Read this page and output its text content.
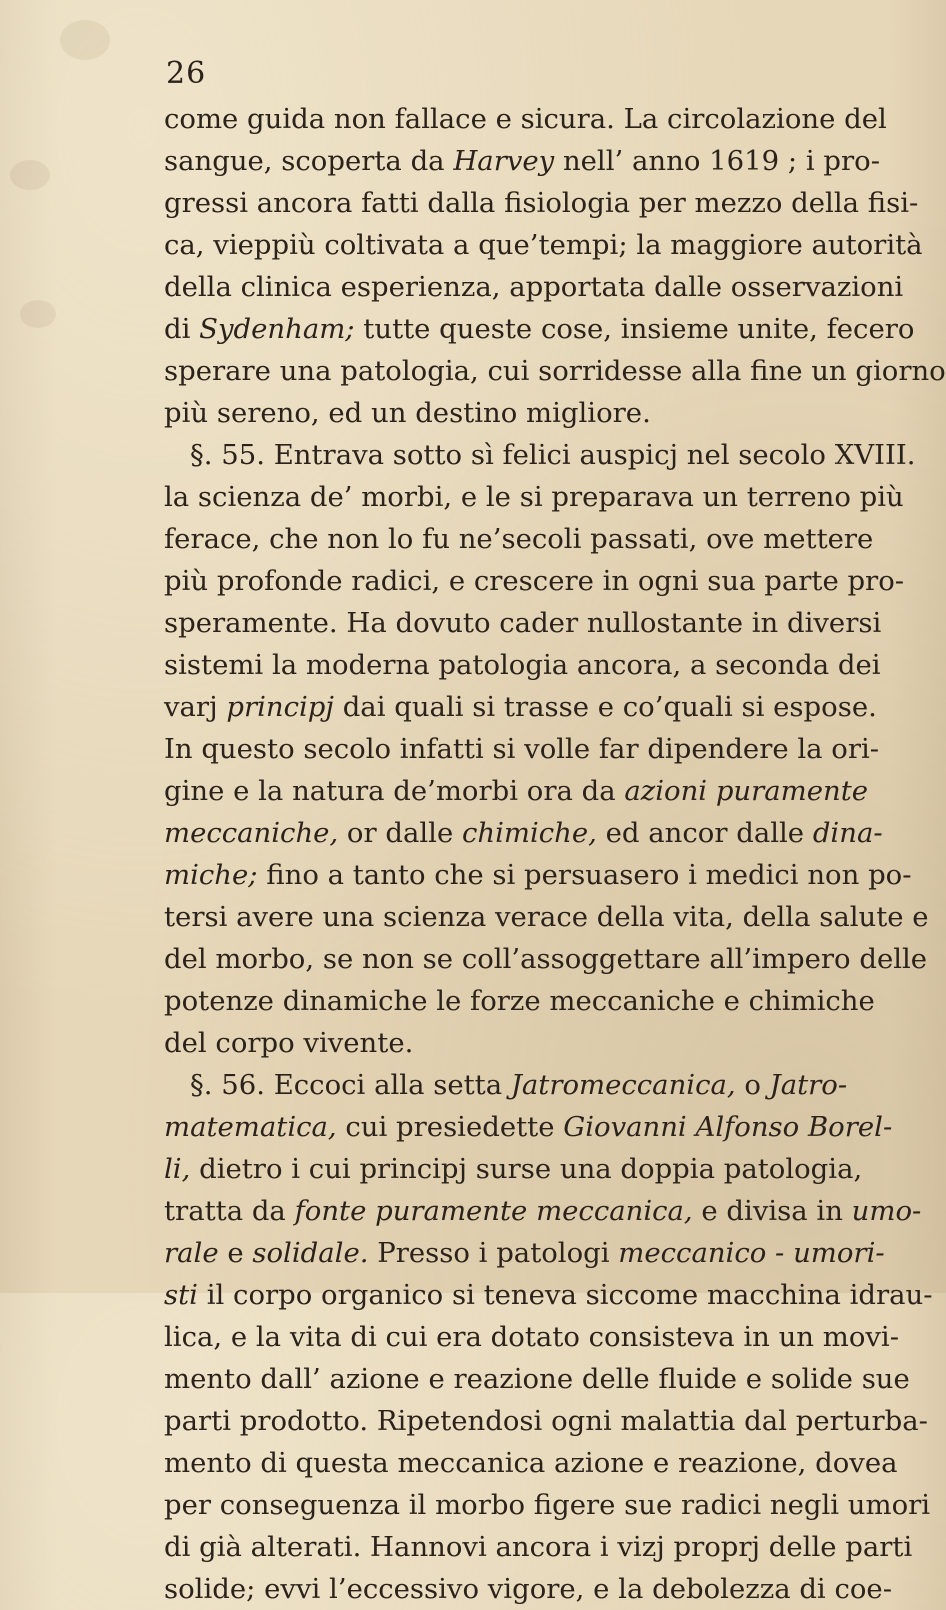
26
come guida non fallace e sicura. La circolazione del
sangue, scoperta da Harvey nell’ anno 1619 ; i pro-
gressi ancora fatti dalla fisiologia per mezzo della fisi-
ca, vieppiù coltivata a que’tempi; la maggiore autorità
della clinica esperienza, apportata dalle osservazioni
di Sydenham; tutte queste cose, insieme unite, fecero
sperare una patologia, cui sorridesse alla fine un giorno
più sereno, ed un destino migliore.
§. 55. Entrava sotto sì felici auspicj nel secolo XVIII.
la scienza de’ morbi, e le si preparava un terreno più
ferace, che non lo fu ne’secoli passati, ove mettere
più profonde radici, e crescere in ogni sua parte pro-
speramente. Ha dovuto cader nullostante in diversi
sistemi la moderna patologia ancora, a seconda dei
varj principj dai quali si trasse e co’quali si espose.
In questo secolo infatti si volle far dipendere la ori-
gine e la natura de’morbi ora da azioni puramente
meccaniche, or dalle chimiche, ed ancor dalle dina-
miche; fino a tanto che si persuasero i medici non po-
tersi avere una scienza verace della vita, della salute e
del morbo, se non se coll’assoggettare all’impero delle
potenze dinamiche le forze meccaniche e chimiche
del corpo vivente.
§. 56. Eccoci alla setta Jatromeccanica, o Jatro-
matematica, cui presiedette Giovanni Alfonso Borel-
li, dietro i cui principj surse una doppia patologia,
tratta da fonte puramente meccanica, e divisa in umo-
rale e solidale. Presso i patologi meccanico - umori-
sti il corpo organico si teneva siccome macchina idrau-
lica, e la vita di cui era dotato consisteva in un movi-
mento dall’ azione e reazione delle fluide e solide sue
parti prodotto. Ripetendosi ogni malattia dal perturba-
mento di questa meccanica azione e reazione, dovea
per conseguenza il morbo figere sue radici negli umori
di già alterati. Hannovi ancora i vizj proprj delle parti
solide; evvi l’eccessivo vigore, e la debolezza di coe-
